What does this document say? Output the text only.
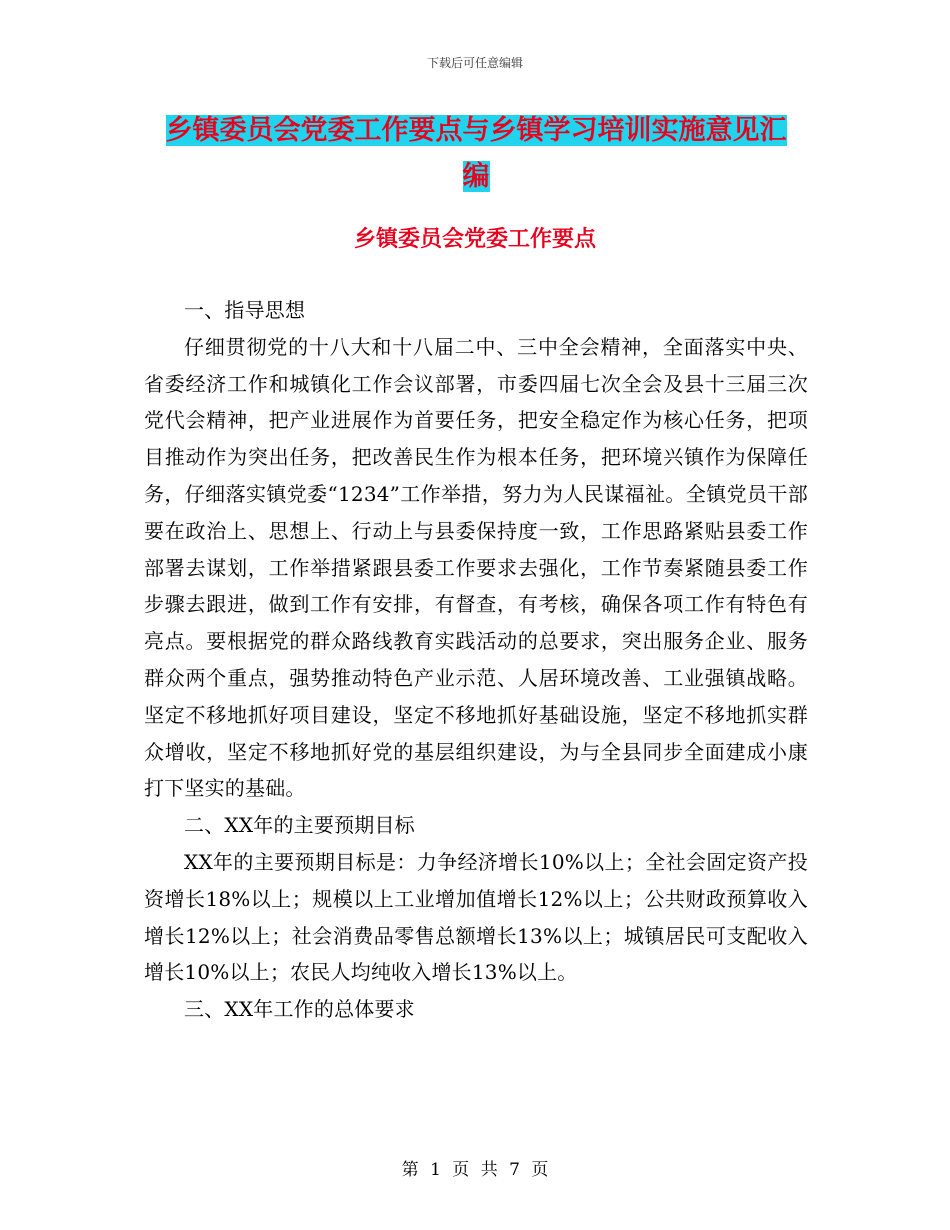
下载后可任意编辑
乡镇委员会党委工作要点与乡镇学习培训实施意见汇
编
乡镇委员会党委工作要点

一、指导思想

仔细贯彻党的十八大和十八届二中、三中全会精神，全面落实中央、省委经济工作和城镇化工作会议部署，市委四届七次全会及县十三届三次党代会精神，把产业进展作为首要任务，把安全稳定作为核心任务，把项目推动作为突出任务，把改善民生作为根本任务，把环境兴镇作为保障任务，仔细落实镇党委“1234”工作举措，努力为人民谋福祉。全镇党员干部要在政治上、思想上、行动上与县委保持度一致，工作思路紧贴县委工作部署去谋划，工作举措紧跟县委工作要求去强化，工作节奏紧随县委工作步骤去跟进，做到工作有安排，有督查，有考核，确保各项工作有特色有亮点。要根据党的群众路线教育实践活动的总要求，突出服务企业、服务群众两个重点，强势推动特色产业示范、人居环境改善、工业强镇战略。坚定不移地抓好项目建设，坚定不移地抓好基础设施，坚定不移地抓实群众增收，坚定不移地抓好党的基层组织建设，为与全县同步全面建成小康打下坚实的基础。

二、XX年的主要预期目标

XX年的主要预期目标是：力争经济增长10%以上；全社会固定资产投资增长18%以上；规模以上工业增加值增长12%以上；公共财政预算收入增长12%以上；社会消费品零售总额增长13%以上；城镇居民可支配收入增长10%以上；农民人均纯收入增长13%以上。

三、XX年工作的总体要求

第 1 页 共 7 页
